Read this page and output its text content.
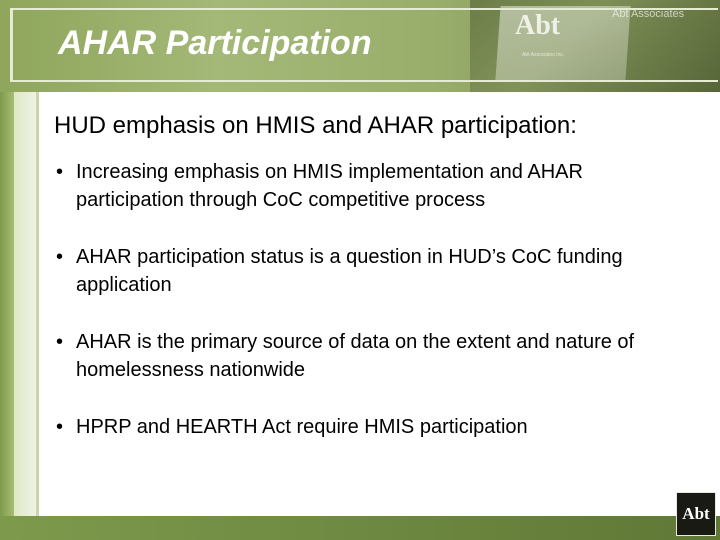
Abt
Abt Associates Inc.
Abt Associates
AHAR Participation
HUD emphasis on HMIS and AHAR participation:
• Increasing emphasis on HMIS implementation and AHAR participation through CoC competitive process
• AHAR participation status is a question in HUD’s CoC funding application
• AHAR is the primary source of data on the extent and nature of homelessness nationwide
• HPRP and HEARTH Act require HMIS participation
Abt
